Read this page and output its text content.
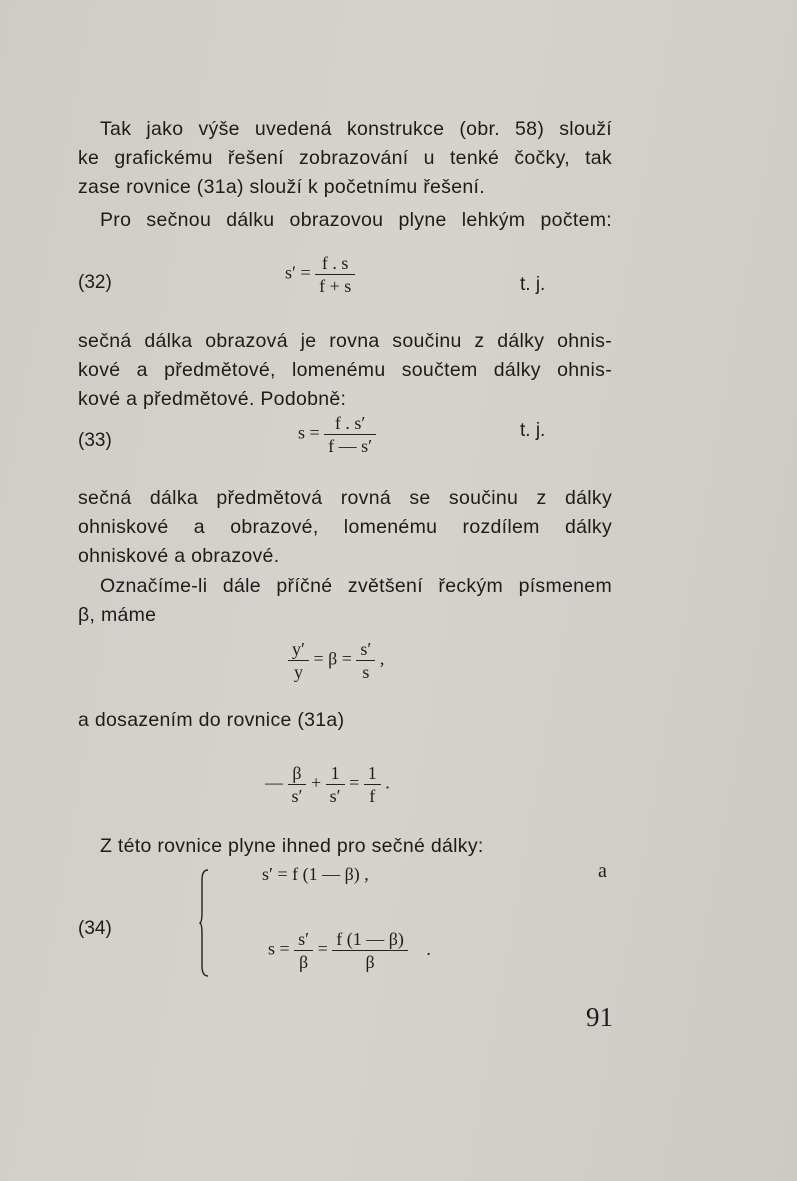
Tak jako výše uvedená konstrukce (obr. 58) slouží
ke grafickému řešení zobrazování u tenké čočky, tak
zase rovnice (31a) slouží k početnímu řešení.
Pro sečnou dálku obrazovou plyne lehkým počtem:
(32)	$s' = \frac{f . s}{f + s}$	t. j.
sečná dálka obrazová je rovna součinu z dálky ohnis-
kové a předmětové, lomenému součtem dálky ohnis-
kové a předmětové. Podobně:
(33)	$s = \frac{f . s'}{f — s'}$	t. j.
sečná dálka předmětová rovná se součinu z dálky
ohniskové a obrazové, lomenému rozdílem dálky
ohniskové a obrazové.
Označíme-li dále příčné zvětšení řeckým písmenem
β, máme
$\frac{y'}{y} = \beta = \frac{s'}{s}$ ,
a dosazením do rovnice (31a)
— $\frac{\beta}{s'} + \frac{1}{s'} = \frac{1}{f}$ .
Z této rovnice plyne ihned pro sečné dálky:
(34)
s′ = f (1 — β) ,	a
$s = \frac{s'}{\beta} = \frac{f (1 — \beta)}{\beta}$ .
91
